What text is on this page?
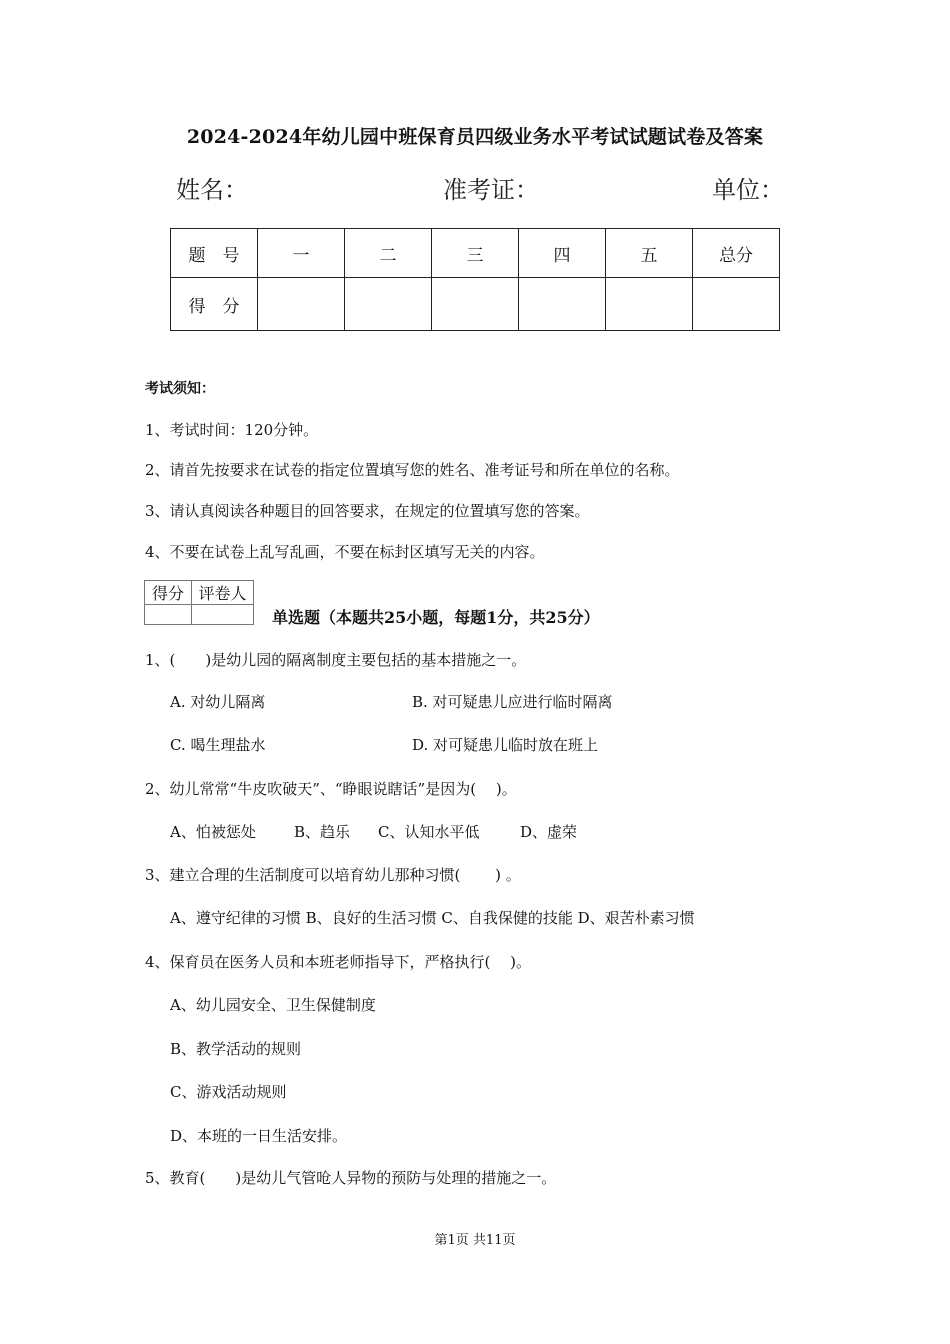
2024-2024年幼儿园中班保育员四级业务水平考试试题试卷及答案
姓名：	准考证：	单位：
题　号	一	二	三	四	五	总分
得　分						
考试须知：
1、考试时间：120分钟。
2、请首先按要求在试卷的指定位置填写您的姓名、准考证号和所在单位的名称。
3、请认真阅读各种题目的回答要求，在规定的位置填写您的答案。
4、不要在试卷上乱写乱画，不要在标封区填写无关的内容。
得分	评卷人

单选题（本题共25小题，每题1分，共25分）
1、(　　)是幼儿园的隔离制度主要包括的基本措施之一。
A. 对幼儿隔离	B. 对可疑患儿应进行临时隔离
C. 喝生理盐水	D. 对可疑患儿临时放在班上
2、幼儿常常“牛皮吹破天”、“睁眼说瞎话”是因为(　 )。
A、怕被惩处	B、趋乐 C、认知水平低	D、虚荣
3、建立合理的生活制度可以培育幼儿那种习惯(　　 ) 。
A、遵守纪律的习惯 B、良好的生活习惯 C、自我保健的技能 D、艰苦朴素习惯
4、保育员在医务人员和本班老师指导下，严格执行(　 )。
A、幼儿园安全、卫生保健制度
B、教学活动的规则
C、游戏活动规则
D、本班的一日生活安排。
5、教育(　　)是幼儿气管呛人异物的预防与处理的措施之一。
第1页 共11页
